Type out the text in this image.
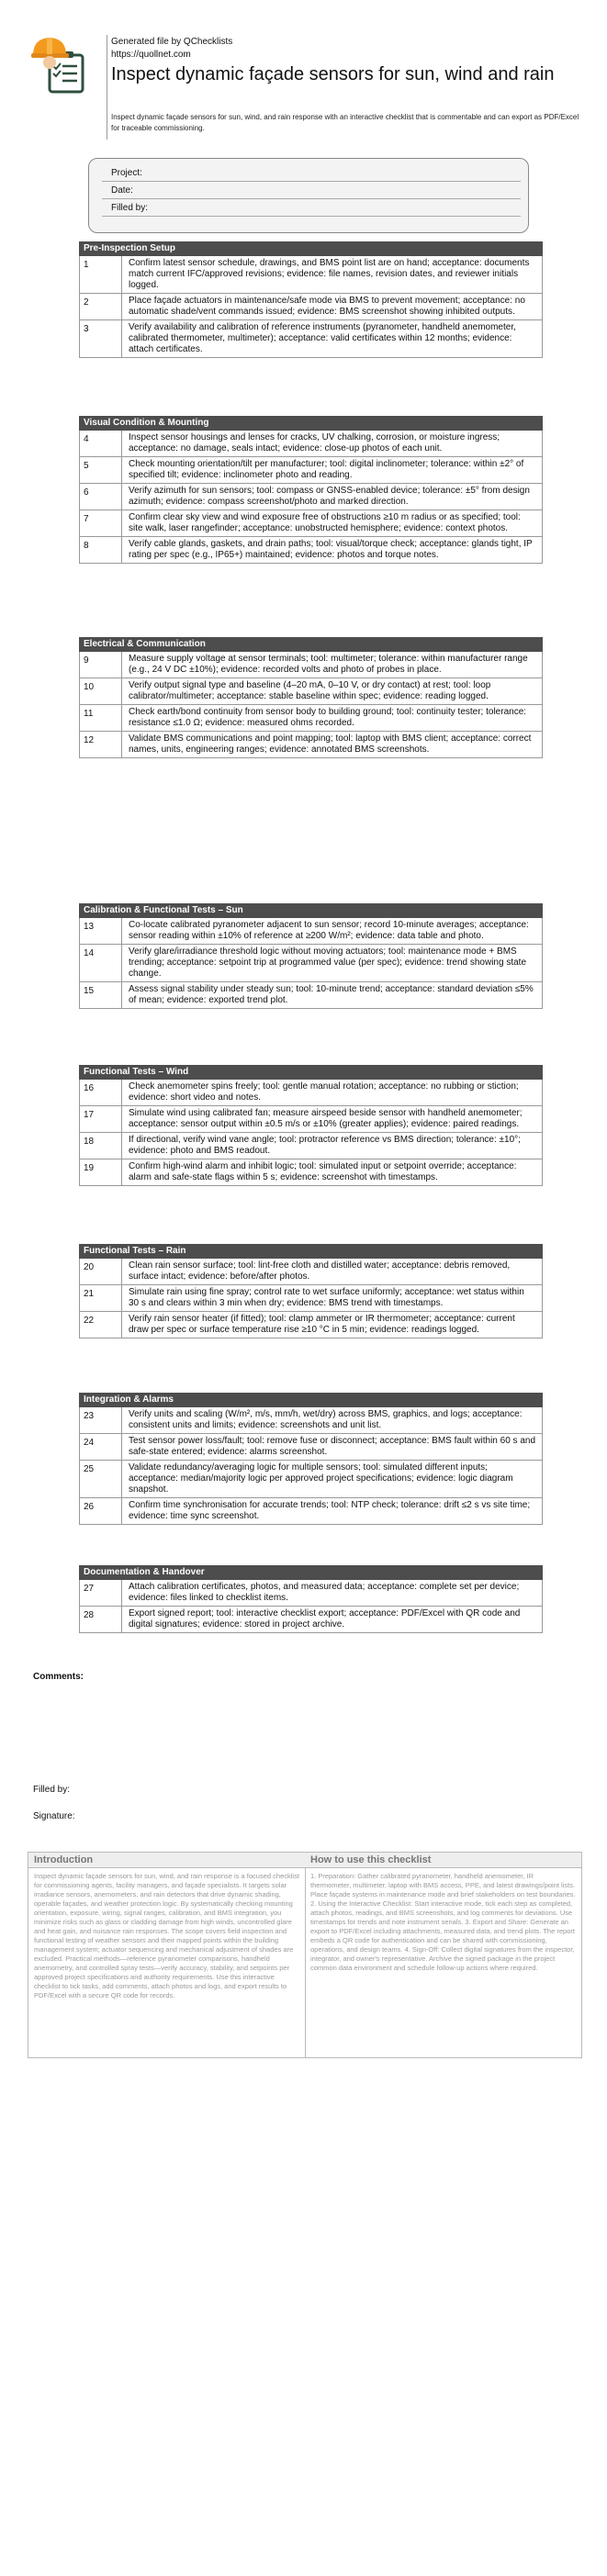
Generated file by QChecklists
https://quollnet.com
Inspect dynamic façade sensors for sun, wind and rain
Inspect dynamic façade sensors for sun, wind, and rain response with an interactive checklist that is commentable and can export as PDF/Excel for traceable commissioning.
Project:
Date:
Filled by:
Pre-Inspection Setup
1	Confirm latest sensor schedule, drawings, and BMS point list are on hand; acceptance: documents match current IFC/approved revisions; evidence: file names, revision dates, and reviewer initials logged.
2	Place façade actuators in maintenance/safe mode via BMS to prevent movement; acceptance: no automatic shade/vent commands issued; evidence: BMS screenshot showing inhibited outputs.
3	Verify availability and calibration of reference instruments (pyranometer, handheld anemometer, calibrated thermometer, multimeter); acceptance: valid certificates within 12 months; evidence: attach certificates.
Visual Condition & Mounting
4	Inspect sensor housings and lenses for cracks, UV chalking, corrosion, or moisture ingress; acceptance: no damage, seals intact; evidence: close-up photos of each unit.
5	Check mounting orientation/tilt per manufacturer; tool: digital inclinometer; tolerance: within ±2° of specified tilt; evidence: inclinometer photo and reading.
6	Verify azimuth for sun sensors; tool: compass or GNSS-enabled device; tolerance: ±5° from design azimuth; evidence: compass screenshot/photo and marked direction.
7	Confirm clear sky view and wind exposure free of obstructions ≥10 m radius or as specified; tool: site walk, laser rangefinder; acceptance: unobstructed hemisphere; evidence: context photos.
8	Verify cable glands, gaskets, and drain paths; tool: visual/torque check; acceptance: glands tight, IP rating per spec (e.g., IP65+) maintained; evidence: photos and torque notes.
Electrical & Communication
9	Measure supply voltage at sensor terminals; tool: multimeter; tolerance: within manufacturer range (e.g., 24 V DC ±10%); evidence: recorded volts and photo of probes in place.
10	Verify output signal type and baseline (4–20 mA, 0–10 V, or dry contact) at rest; tool: loop calibrator/multimeter; acceptance: stable baseline within spec; evidence: reading logged.
11	Check earth/bond continuity from sensor body to building ground; tool: continuity tester; tolerance: resistance ≤1.0 Ω; evidence: measured ohms recorded.
12	Validate BMS communications and point mapping; tool: laptop with BMS client; acceptance: correct names, units, engineering ranges; evidence: annotated BMS screenshots.
Calibration & Functional Tests – Sun
13	Co-locate calibrated pyranometer adjacent to sun sensor; record 10-minute averages; acceptance: sensor reading within ±10% of reference at ≥200 W/m²; evidence: data table and photo.
14	Verify glare/irradiance threshold logic without moving actuators; tool: maintenance mode + BMS trending; acceptance: setpoint trip at programmed value (per spec); evidence: trend showing state change.
15	Assess signal stability under steady sun; tool: 10-minute trend; acceptance: standard deviation ≤5% of mean; evidence: exported trend plot.
Functional Tests – Wind
16	Check anemometer spins freely; tool: gentle manual rotation; acceptance: no rubbing or stiction; evidence: short video and notes.
17	Simulate wind using calibrated fan; measure airspeed beside sensor with handheld anemometer; acceptance: sensor output within ±0.5 m/s or ±10% (greater applies); evidence: paired readings.
18	If directional, verify wind vane angle; tool: protractor reference vs BMS direction; tolerance: ±10°; evidence: photo and BMS readout.
19	Confirm high-wind alarm and inhibit logic; tool: simulated input or setpoint override; acceptance: alarm and safe-state flags within 5 s; evidence: screenshot with timestamps.
Functional Tests – Rain
20	Clean rain sensor surface; tool: lint-free cloth and distilled water; acceptance: debris removed, surface intact; evidence: before/after photos.
21	Simulate rain using fine spray; control rate to wet surface uniformly; acceptance: wet status within 30 s and clears within 3 min when dry; evidence: BMS trend with timestamps.
22	Verify rain sensor heater (if fitted); tool: clamp ammeter or IR thermometer; acceptance: current draw per spec or surface temperature rise ≥10 °C in 5 min; evidence: readings logged.
Integration & Alarms
23	Verify units and scaling (W/m², m/s, mm/h, wet/dry) across BMS, graphics, and logs; acceptance: consistent units and limits; evidence: screenshots and unit list.
24	Test sensor power loss/fault; tool: remove fuse or disconnect; acceptance: BMS fault within 60 s and safe-state entered; evidence: alarms screenshot.
25	Validate redundancy/averaging logic for multiple sensors; tool: simulated different inputs; acceptance: median/majority logic per approved project specifications; evidence: logic diagram snapshot.
26	Confirm time synchronisation for accurate trends; tool: NTP check; tolerance: drift ≤2 s vs site time; evidence: time sync screenshot.
Documentation & Handover
27	Attach calibration certificates, photos, and measured data; acceptance: complete set per device; evidence: files linked to checklist items.
28	Export signed report; tool: interactive checklist export; acceptance: PDF/Excel with QR code and digital signatures; evidence: stored in project archive.
Comments:
Filled by:
Signature:
Introduction
Inspect dynamic façade sensors for sun, wind, and rain response is a focused checklist for commissioning agents, facility managers, and façade specialists. It targets solar irradiance sensors, anemometers, and rain detectors that drive dynamic shading, operable façades, and weather protection logic. By systematically checking mounting orientation, exposure, wiring, signal ranges, calibration, and BMS integration, you minimize risks such as glass or cladding damage from high winds, uncontrolled glare and heat gain, and nuisance rain responses. The scope covers field inspection and functional testing of weather sensors and their mapped points within the building management system; actuator sequencing and mechanical adjustment of shades are excluded. Practical methods—reference pyranometer comparisons, handheld anemometry, and controlled spray tests—verify accuracy, stability, and setpoints per approved project specifications and authority requirements. Use this interactive checklist to tick tasks, add comments, attach photos and logs, and export results to PDF/Excel with a secure QR code for records.
How to use this checklist
1. Preparation: Gather calibrated pyranometer, handheld anemometer, IR thermometer, multimeter, laptop with BMS access, PPE, and latest drawings/point lists. Place façade systems in maintenance mode and brief stakeholders on test boundaries. 2. Using the Interactive Checklist: Start interactive mode, tick each step as completed, attach photos, readings, and BMS screenshots, and log comments for deviations. Use timestamps for trends and note instrument serials. 3. Export and Share: Generate an export to PDF/Excel including attachments, measured data, and trend plots. The report embeds a QR code for authentication and can be shared with commissioning, operations, and design teams. 4. Sign-Off: Collect digital signatures from the inspector, integrator, and owner's representative. Archive the signed package in the project common data environment and schedule follow-up actions where required.
